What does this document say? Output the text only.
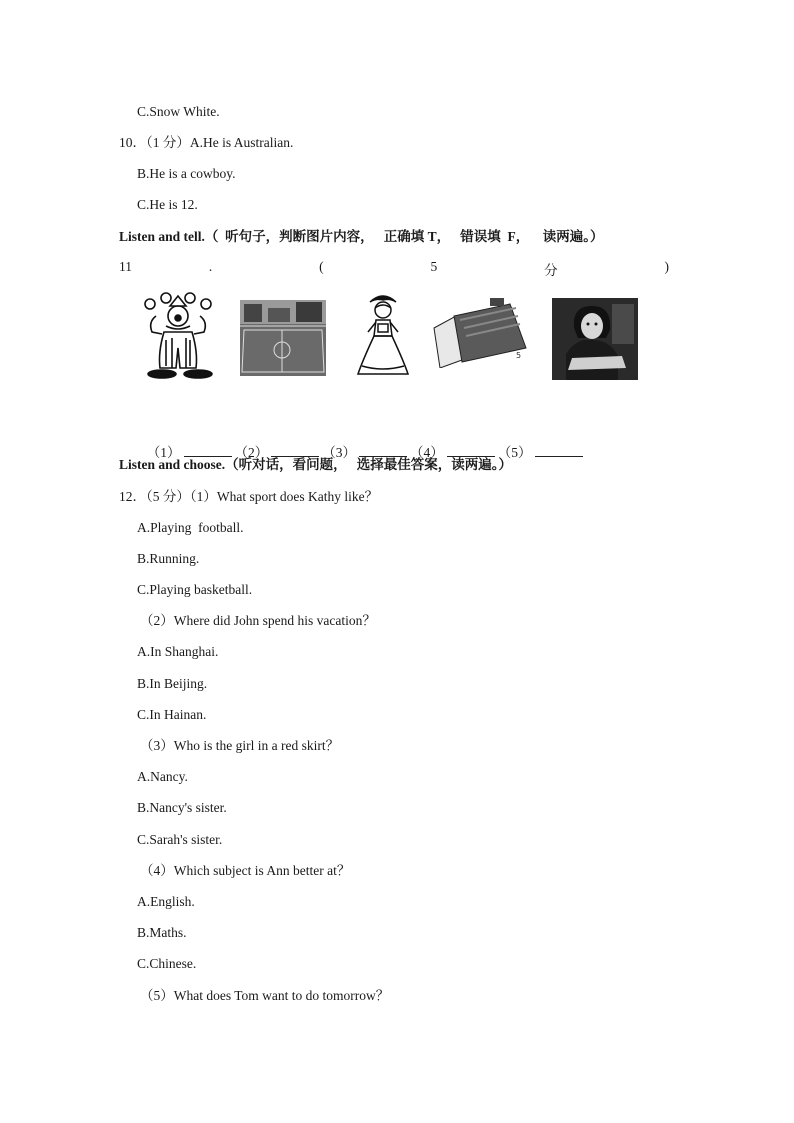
C.Snow White.
10．（1 分）A.He is Australian.
B.He is a cowboy.
C.He is 12.
Listen and tell.（  听句子，判断图片内容，   正确填 T，   错误填  F，    读两遍。）
11	.	(	5	分	)
5

（1）	（2）	（3）	（4）	（5）

Listen and choose.（听对话，看问题，   选择最佳答案，读两遍。）
12．（5 分）（1）What sport does Kathy like？
A.Playing  football.
B.Running.
C.Playing basketball.
（2）Where did John spend his vacation？
A.In Shanghai.
B.In Beijing.
C.In Hainan.
（3）Who is the girl in a red skirt？
A.Nancy.
B.Nancy's sister.
C.Sarah's sister.
（4）Which subject is Ann better at？
A.English.
B.Maths.
C.Chinese.
（5）What does Tom want to do tomorrow？
